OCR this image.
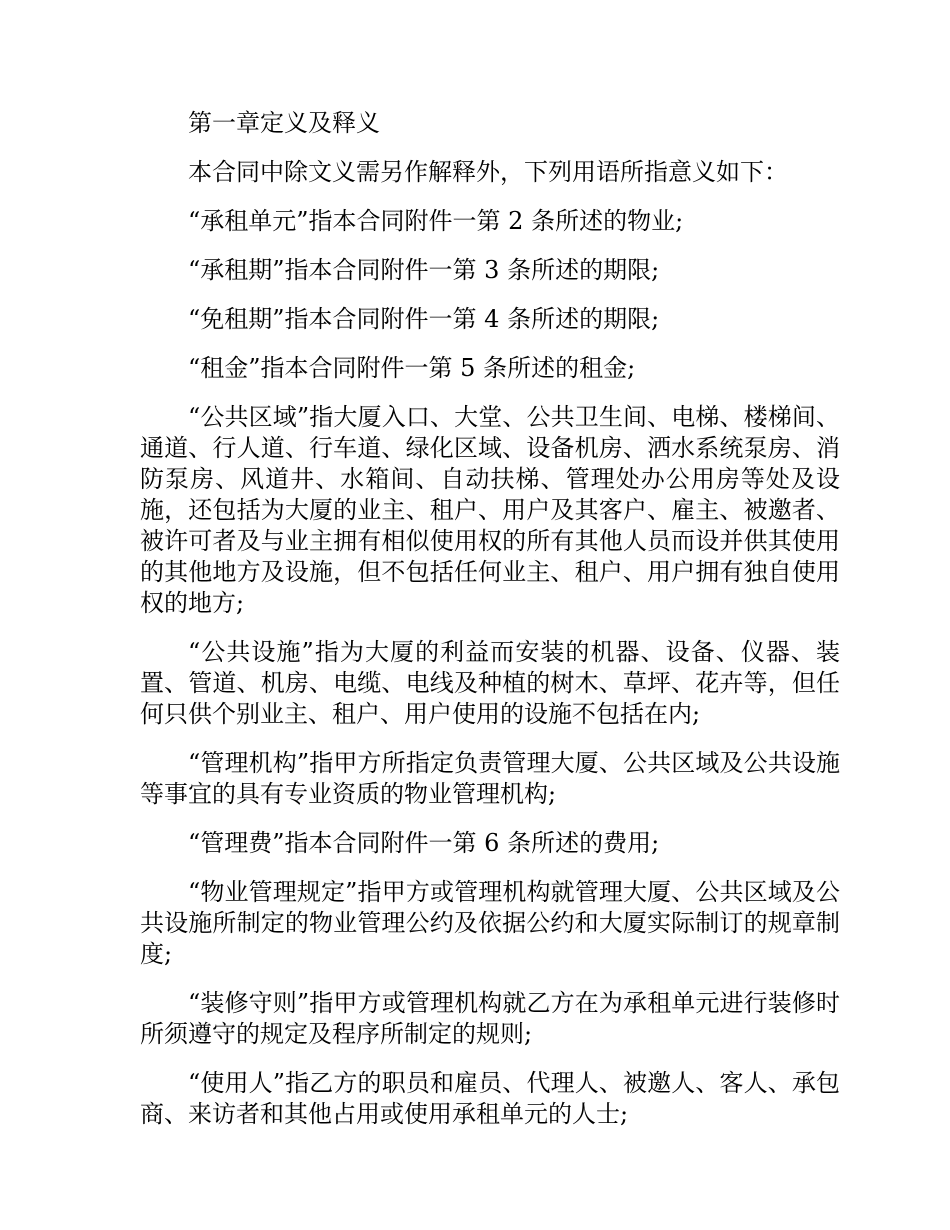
第一章定义及释义

本合同中除文义需另作解释外，下列用语所指意义如下：

“承租单元”指本合同附件一第 2 条所述的物业;

“承租期”指本合同附件一第 3 条所述的期限;

“免租期”指本合同附件一第 4 条所述的期限;

“租金”指本合同附件一第 5 条所述的租金;

“公共区域”指大厦入口、大堂、公共卫生间、电梯、楼梯间、通道、行人道、行车道、绿化区域、设备机房、洒水系统泵房、消防泵房、风道井、水箱间、自动扶梯、管理处办公用房等处及设施，还包括为大厦的业主、租户、用户及其客户、雇主、被邀者、被许可者及与业主拥有相似使用权的所有其他人员而设并供其使用的其他地方及设施，但不包括任何业主、租户、用户拥有独自使用权的地方;

“公共设施”指为大厦的利益而安装的机器、设备、仪器、装置、管道、机房、电缆、电线及种植的树木、草坪、花卉等，但任何只供个别业主、租户、用户使用的设施不包括在内;

“管理机构”指甲方所指定负责管理大厦、公共区域及公共设施等事宜的具有专业资质的物业管理机构;

“管理费”指本合同附件一第 6 条所述的费用;

“物业管理规定”指甲方或管理机构就管理大厦、公共区域及公共设施所制定的物业管理公约及依据公约和大厦实际制订的规章制度;

“装修守则”指甲方或管理机构就乙方在为承租单元进行装修时所须遵守的规定及程序所制定的规则;

“使用人”指乙方的职员和雇员、代理人、被邀人、客人、承包商、来访者和其他占用或使用承租单元的人士;
